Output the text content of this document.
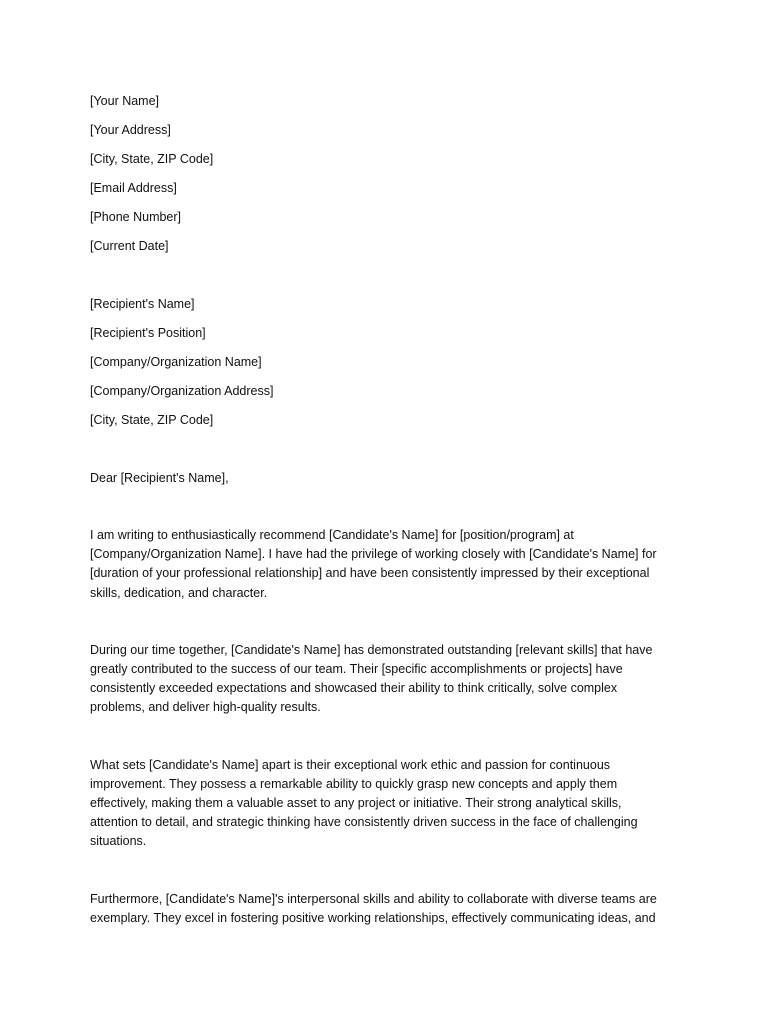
[Your Name]
[Your Address]
[City, State, ZIP Code]
[Email Address]
[Phone Number]
[Current Date]
[Recipient's Name]
[Recipient's Position]
[Company/Organization Name]
[Company/Organization Address]
[City, State, ZIP Code]
Dear [Recipient's Name],

I am writing to enthusiastically recommend [Candidate's Name] for [position/program] at [Company/Organization Name]. I have had the privilege of working closely with [Candidate's Name] for [duration of your professional relationship] and have been consistently impressed by their exceptional skills, dedication, and character.

During our time together, [Candidate's Name] has demonstrated outstanding [relevant skills] that have greatly contributed to the success of our team. Their [specific accomplishments or projects] have consistently exceeded expectations and showcased their ability to think critically, solve complex problems, and deliver high-quality results.

What sets [Candidate's Name] apart is their exceptional work ethic and passion for continuous improvement. They possess a remarkable ability to quickly grasp new concepts and apply them effectively, making them a valuable asset to any project or initiative. Their strong analytical skills, attention to detail, and strategic thinking have consistently driven success in the face of challenging situations.

Furthermore, [Candidate's Name]'s interpersonal skills and ability to collaborate with diverse teams are exemplary. They excel in fostering positive working relationships, effectively communicating ideas, and
